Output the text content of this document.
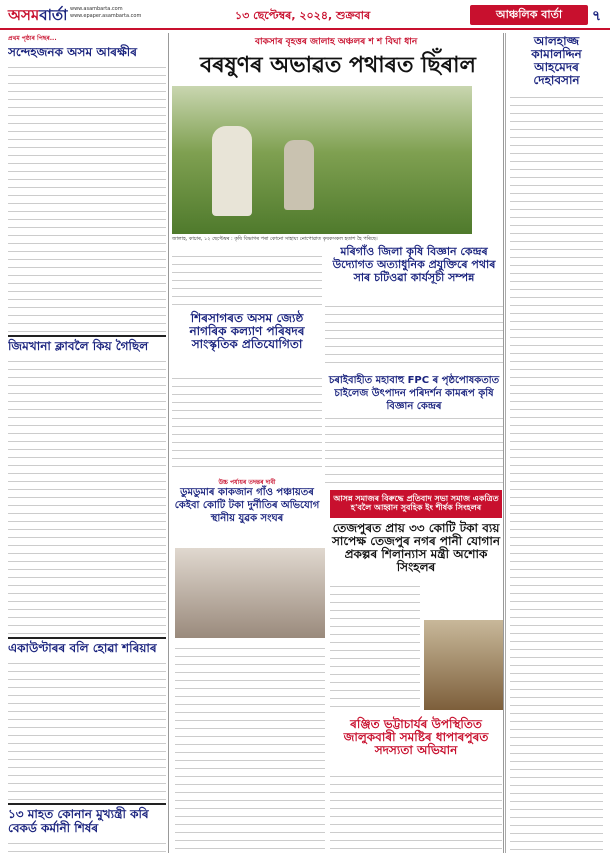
অসমবাৰ্তা www.asambarta.com
www.epaper.asambarta.com	১৩ ছেপ্টেম্বৰ, ২০২৪, শুক্ৰবাৰ	আঞ্চলিক বাৰ্তা	৭
প্ৰথম পৃষ্ঠাৰ পিছৰ...
সন্দেহজনক অসম আৰক্ষীৰ
জিমখানা ক্লাবলৈ কিয় গৈছিল
একাউণ্টাৰৰ বলি হোৱা শৰিয়াৰ
১৩ মাহত কোনান মুখ্যন্ত্ৰী কৰি বেকৰ্ড কৰ্মানী শিৰ্ষৰ
বাকসাৰ বৃহত্তৰ জালাহ অঞ্চলৰ শ শ বিঘা ধান
বৰষুণৰ অভাৱত পথাৰত ছিঁৰাল
জালাহ, কাচাৰ, ১২ ছেপ্টেম্বৰ : কৃষি বিভাগৰ পৰা কোনো সাহায্য নোপোৱাত কৃষকসকল হতাশ হৈ পৰিছে।
মৰিগাঁও জিলা কৃষি বিজ্ঞান কেন্দ্ৰৰ উদ্যোগত অত্যাধুনিক প্ৰযুক্তিৰে পথাৰ সাৰ চটিওৱা কাৰ্যসূচী সম্পন্ন
চৰাইবাহীত মহাবাহু FPC ৰ পৃষ্ঠপোষকতাত চাইলেজ উৎপাদন পৰিদৰ্শন কামৰূপ কৃষি বিজ্ঞান কেন্দ্ৰৰ
শিৰসাগৰত অসম জ্যেষ্ঠ নাগৰিক কল্যাণ পৰিষদৰ সাংস্কৃতিক প্ৰতিযোগিতা
আসন্ন সমাজৰ বিৰুদ্ধে প্ৰতিবাদ সভা সমাজ একত্ৰিত হ'বলৈ আহ্বান সুবহিক ইং শীৰ্ষক সিংহলৰ
উচ্চ পৰ্যায়ৰ তদন্তৰ দাবী
ডুমডুমাৰ কাকজান গাঁও পঞ্চায়তৰ কেইবা কোটি টকা দুৰ্নীতিৰ অভিযোগ স্থানীয় যুৱক সংঘৰ
তেজপুৰত প্ৰায় ৩৩ কোটি টকা ব্যয় সাপেক্ষ তেজপুৰ নগৰ পানী যোগান প্ৰকল্পৰ শিলান্যাস মন্ত্ৰী অশোক সিংহলৰ
ৰঞ্জিত ভট্টাচাৰ্যৰ উপস্থিতিত জালুকবাৰী সমষ্টিৰ ধাপাৰপুৰত সদস্যতা অভিযান
আলহাজ্জ কামালদ্দিন আহমেদৰ দেহাবসান
